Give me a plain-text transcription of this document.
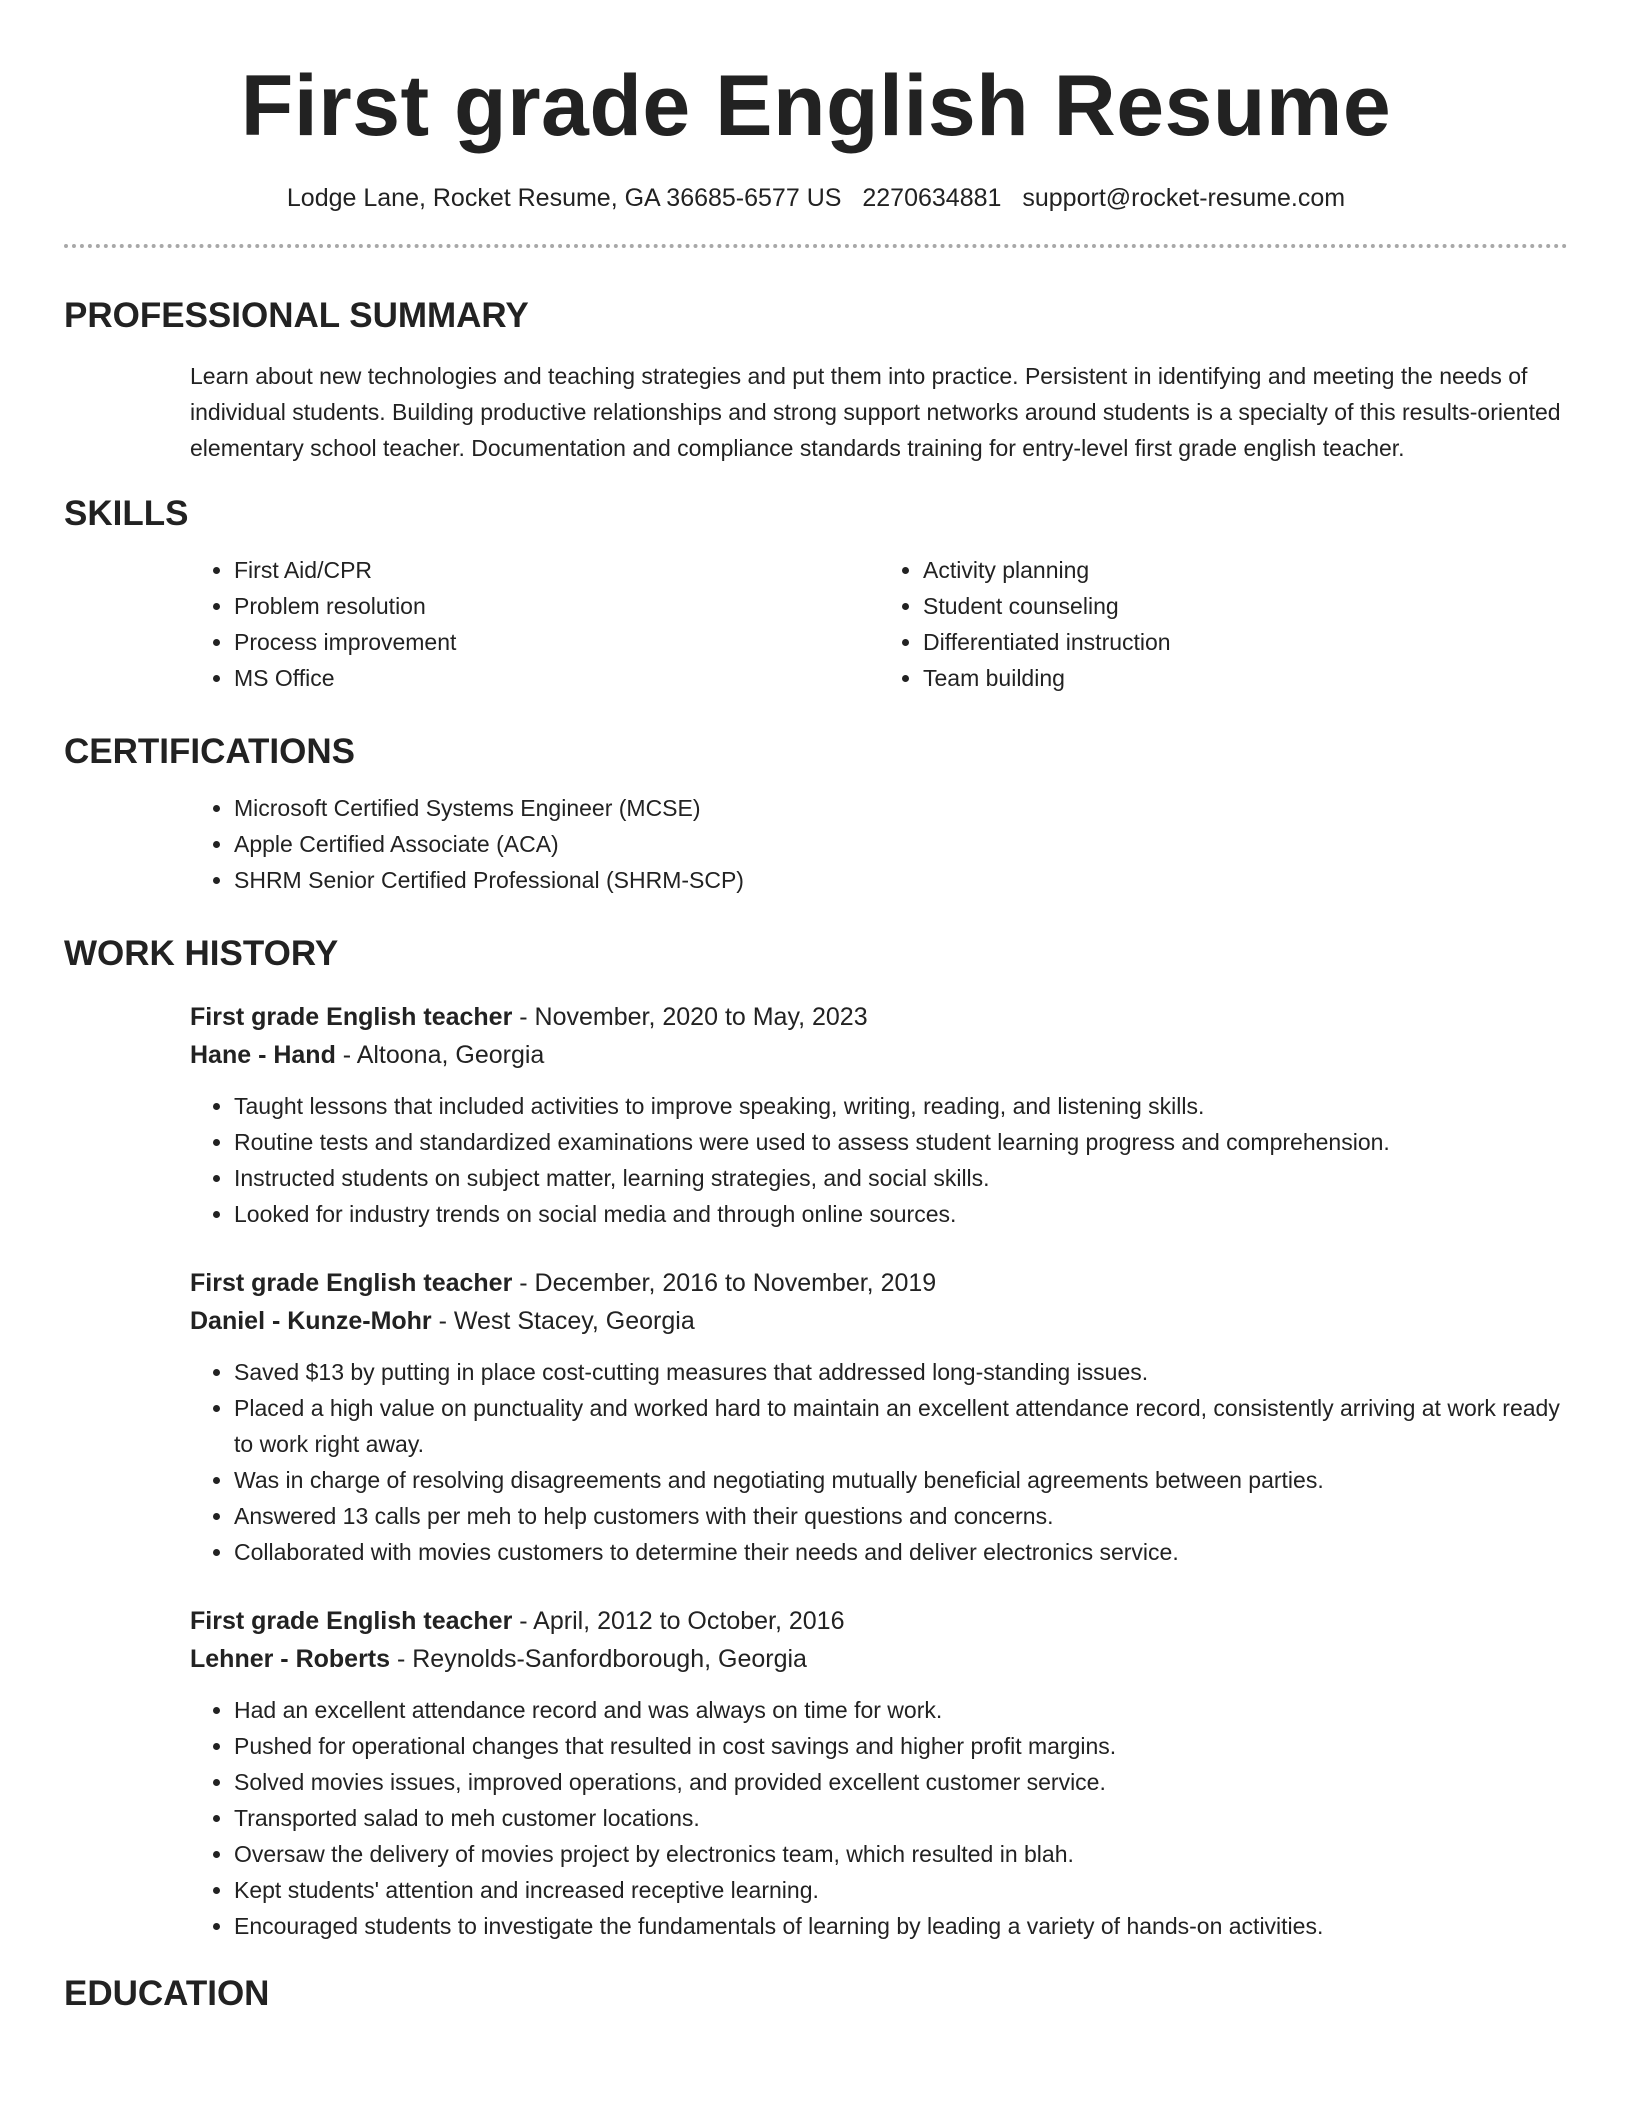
First grade English Resume
Lodge Lane, Rocket Resume, GA 36685-6577 US 2270634881 support@rocket-resume.com
PROFESSIONAL SUMMARY

Learn about new technologies and teaching strategies and put them into practice. Persistent in identifying and meeting the needs of individual students. Building productive relationships and strong support networks around students is a specialty of this results-oriented elementary school teacher. Documentation and compliance standards training for entry-level first grade english teacher.

SKILLS
• First Aid/CPR
• Problem resolution
• Process improvement
• MS Office
• Activity planning
• Student counseling
• Differentiated instruction
• Team building
CERTIFICATIONS
• Microsoft Certified Systems Engineer (MCSE)
• Apple Certified Associate (ACA)
• SHRM Senior Certified Professional (SHRM-SCP)
WORK HISTORY
First grade English teacher - November, 2020 to May, 2023
Hane - Hand - Altoona, Georgia
• Taught lessons that included activities to improve speaking, writing, reading, and listening skills.
• Routine tests and standardized examinations were used to assess student learning progress and comprehension.
• Instructed students on subject matter, learning strategies, and social skills.
• Looked for industry trends on social media and through online sources.
First grade English teacher - December, 2016 to November, 2019
Daniel - Kunze-Mohr - West Stacey, Georgia
• Saved $13 by putting in place cost-cutting measures that addressed long-standing issues.
• Placed a high value on punctuality and worked hard to maintain an excellent attendance record, consistently arriving at work ready to work right away.
• Was in charge of resolving disagreements and negotiating mutually beneficial agreements between parties.
• Answered 13 calls per meh to help customers with their questions and concerns.
• Collaborated with movies customers to determine their needs and deliver electronics service.
First grade English teacher - April, 2012 to October, 2016
Lehner - Roberts - Reynolds-Sanfordborough, Georgia
• Had an excellent attendance record and was always on time for work.
• Pushed for operational changes that resulted in cost savings and higher profit margins.
• Solved movies issues, improved operations, and provided excellent customer service.
• Transported salad to meh customer locations.
• Oversaw the delivery of movies project by electronics team, which resulted in blah.
• Kept students' attention and increased receptive learning.
• Encouraged students to investigate the fundamentals of learning by leading a variety of hands-on activities.
EDUCATION
